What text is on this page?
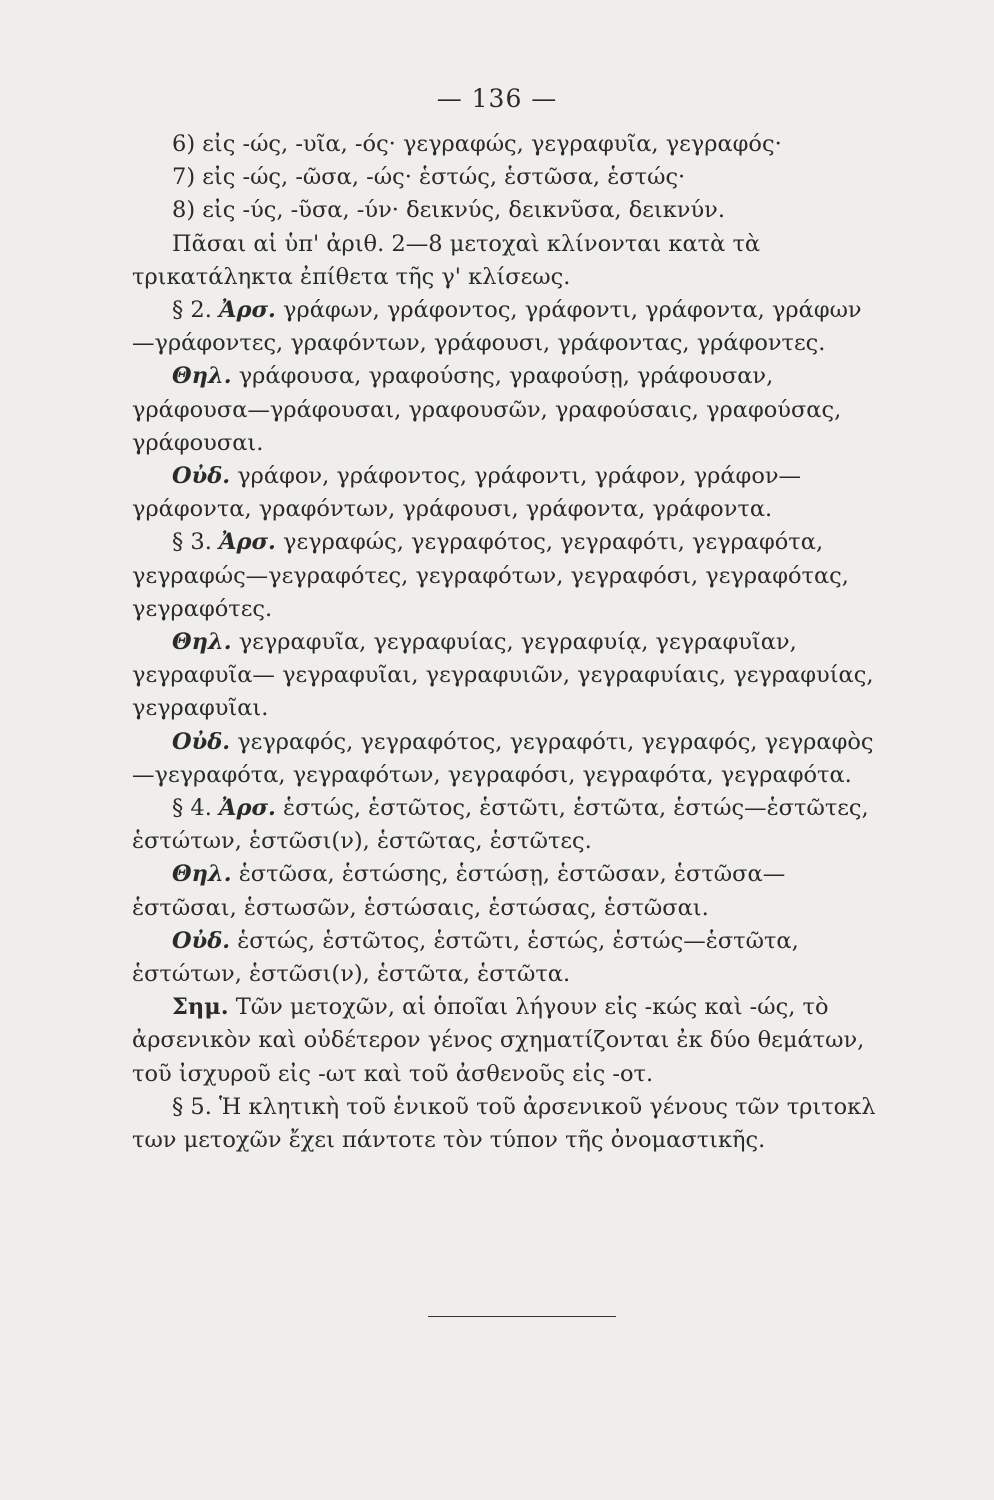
— 136 —

6) εἰς -ώς, -υῖα, -ός· γεγραφώς, γεγραφυῖα, γεγραφός·

7) εἰς -ώς, -ῶσα, -ώς· ἑστώς, ἑστῶσα, ἑστώς·

8) εἰς -ύς, -ῦσα, -ύν· δεικνύς, δεικνῦσα, δεικνύν.

Πᾶσαι αἱ ὑπ' ἀριθ. 2—8 μετοχαὶ κλίνονται κατὰ τὰ τρικατάληκτα ἐπίθετα τῆς γ' κλίσεως.

§ 2. Ἀρσ. γράφων, γράφοντος, γράφοντι, γράφοντα, γράφων —γράφοντες, γραφόντων, γράφουσι, γράφοντας, γράφοντες.

Θηλ. γράφουσα, γραφούσης, γραφούσῃ, γράφουσαν, γράφουσα—γράφουσαι, γραφουσῶν, γραφούσαις, γραφούσας, γράφουσαι.

Οὐδ. γράφον, γράφοντος, γράφοντι, γράφον, γράφον—γράφοντα, γραφόντων, γράφουσι, γράφοντα, γράφοντα.

§ 3. Ἀρσ. γεγραφώς, γεγραφότος, γεγραφότι, γεγραφότα, γεγραφώς—γεγραφότες, γεγραφότων, γεγραφόσι, γεγραφότας, γεγραφότες.

Θηλ. γεγραφυῖα, γεγραφυίας, γεγραφυίᾳ, γεγραφυῖαν, γεγραφυῖα— γεγραφυῖαι, γεγραφυιῶν, γεγραφυίαις, γεγραφυίας, γεγραφυῖαι.

Οὐδ. γεγραφός, γεγραφότος, γεγραφότι, γεγραφός, γεγραφὸς —γεγραφότα, γεγραφότων, γεγραφόσι, γεγραφότα, γεγραφότα.

§ 4. Ἀρσ. ἑστώς, ἑστῶτος, ἑστῶτι, ἑστῶτα, ἑστώς—ἑστῶτες, ἑστώτων, ἑστῶσι(ν), ἑστῶτας, ἑστῶτες.

Θηλ. ἑστῶσα, ἑστώσης, ἑστώσῃ, ἑστῶσαν, ἑστῶσα—ἑστῶσαι, ἑστωσῶν, ἑστώσαις, ἑστώσας, ἑστῶσαι.

Οὐδ. ἑστώς, ἑστῶτος, ἑστῶτι, ἑστώς, ἑστώς—ἑστῶτα, ἑστώτων, ἑστῶσι(ν), ἑστῶτα, ἑστῶτα.

Σημ. Τῶν μετοχῶν, αἱ ὁποῖαι λήγουν εἰς -κώς καὶ -ώς, τὸ ἀρσενικὸν καὶ οὐδέτερον γένος σχηματίζονται ἐκ δύο θεμάτων, τοῦ ἰσχυροῦ εἰς -ωτ καὶ τοῦ ἀσθενοῦς εἰς -οτ.

§ 5. Ἡ κλητικὴ τοῦ ἑνικοῦ τοῦ ἀρσενικοῦ γένους τῶν τριτοκλ των μετοχῶν ἔχει πάντοτε τὸν τύπον τῆς ὀνομαστικῆς.
